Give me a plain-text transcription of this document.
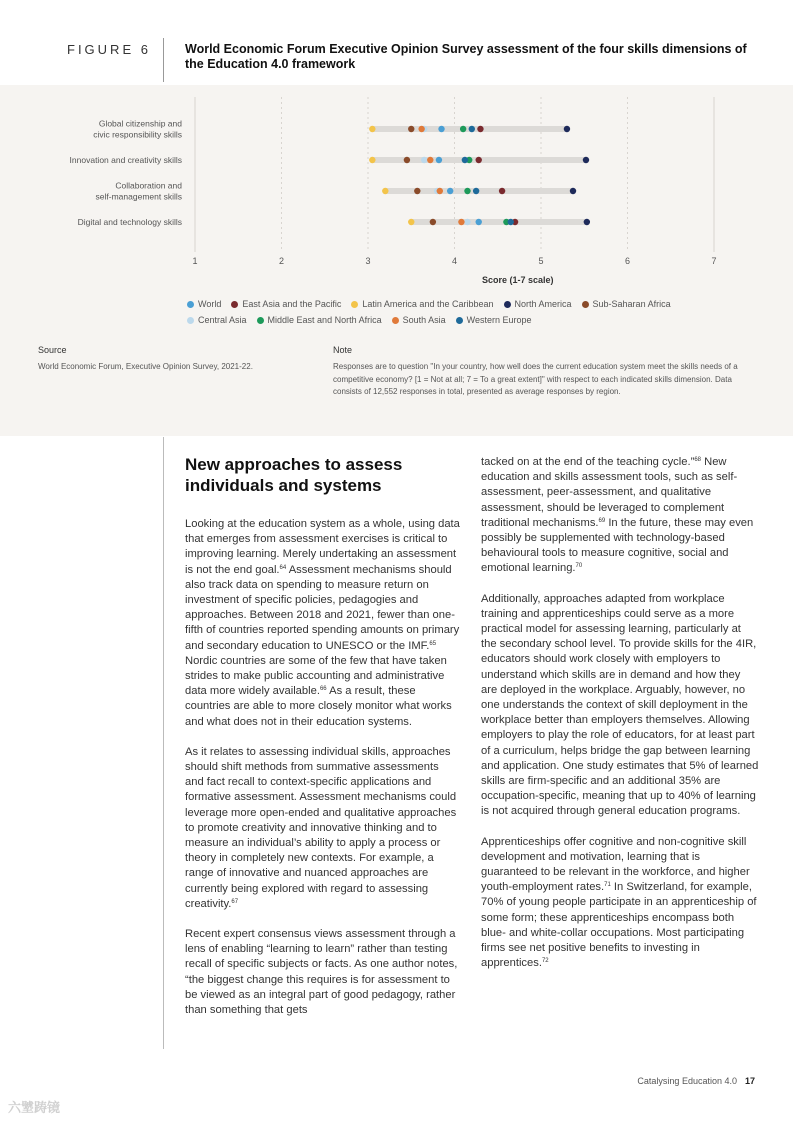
FIGURE 6	World Economic Forum Executive Opinion Survey assessment of the four skills dimensions of the Education 4.0 framework
1	2	3	4	5	6	7
Score (1-7 scale)
Global citizenship and
civic responsibility skills
Innovation and creativity skills
Collaboration and
self-management skills
Digital and technology skills
World East Asia and the Pacific Latin America and the Caribbean North America Sub-Saharan Africa
Central Asia Middle East and North Africa South Asia Western Europe
Source
World Economic Forum, Executive Opinion Survey, 2021-22.
Note
Responses are to question "In your country, how well does the current education system meet the skills needs of a competitive economy? [1 = Not at all; 7 = To a great extent]" with respect to each indicated skills dimension. Data consists of 12,552 responses in total, presented as average responses by region.
New approaches to assess individuals and systems

Looking at the education system as a whole, using data that emerges from assessment exercises is critical to improving learning. Merely undertaking an assessment is not the end goal.$^{64}$ Assessment mechanisms should also track data on spending to measure return on investment of specific policies, pedagogies and approaches. Between 2018 and 2021, fewer than one-fifth of countries reported spending amounts on primary and secondary education to UNESCO or the IMF.$^{65}$ Nordic countries are some of the few that have taken strides to make public accounting and administrative data more widely available.$^{66}$ As a result, these countries are able to more closely monitor what works and what does not in their education systems.

As it relates to assessing individual skills, approaches should shift methods from summative assessments and fact recall to context-specific applications and formative assessment. Assessment mechanisms could leverage more open-ended and qualitative approaches to promote creativity and innovative thinking and to measure an individual’s ability to apply a process or theory in completely new contexts. For example, a range of innovative and nuanced approaches are currently being explored with regard to assessing creativity.$^{67}$

Recent expert consensus views assessment through a lens of enabling “learning to learn” rather than testing recall of specific subjects or facts. As one author notes, “the biggest change this requires is for assessment to be viewed as an integral part of good pedagogy, rather than something that gets

tacked on at the end of the teaching cycle.”$^{68}$ New education and skills assessment tools, such as self-assessment, peer-assessment, and qualitative assessment, should be leveraged to complement traditional mechanisms.$^{69}$ In the future, these may even possibly be supplemented with technology-based behavioural tools to measure cognitive, social and emotional learning.$^{70}$

Additionally, approaches adapted from workplace training and apprenticeships could serve as a more practical model for assessing learning, particularly at the secondary school level. To provide skills for the 4IR, educators should work closely with employers to understand which skills are in demand and how they are deployed in the workplace. Arguably, however, no one understands the context of skill deployment in the workplace better than employers themselves. Allowing employers to play the role of educators, for at least part of a curriculum, helps bridge the gap between learning and application. One study estimates that 5% of learned skills are firm-specific and an additional 35% are occupation-specific, meaning that up to 40% of learning is not acquired through general education programs.

Apprenticeships offer cognitive and non-cognitive skill development and motivation, learning that is guaranteed to be relevant in the workforce, and higher youth-employment rates.$^{71}$ In Switzerland, for example, 70% of young people participate in an apprenticeship of some form; these apprenticeships encompass both blue- and white-collar occupations. Most participating firms see net positive benefits to investing in apprentices.$^{72}$

Catalysing Education 4.0 17
六㙱踌镜
